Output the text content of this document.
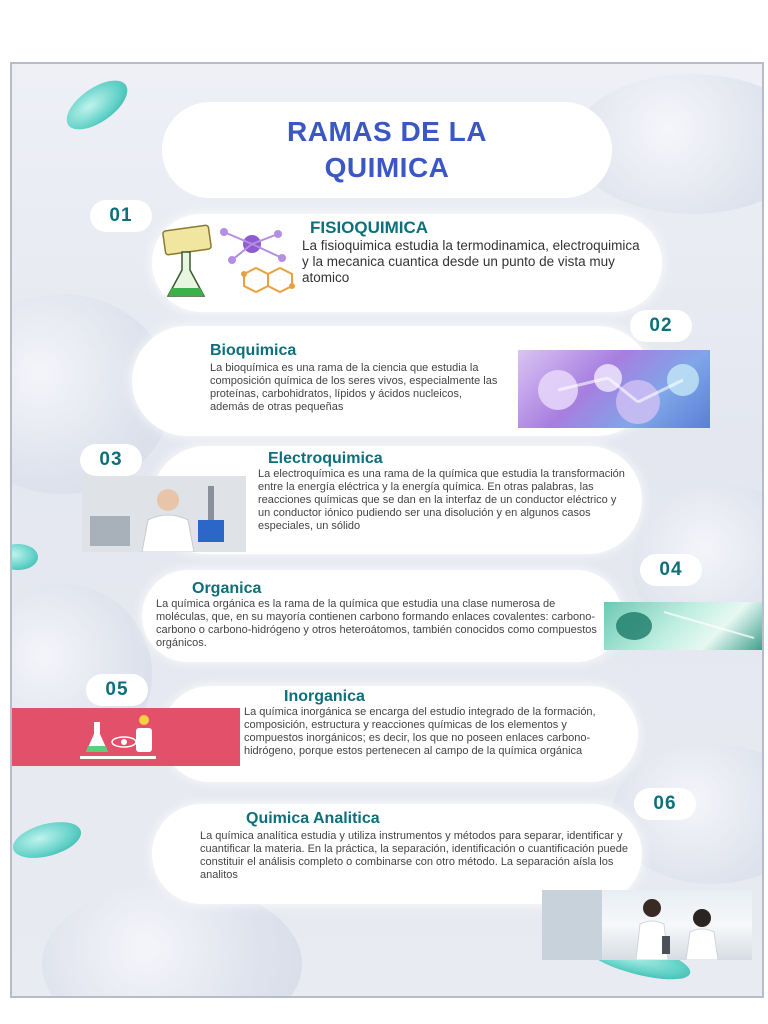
RAMAS DE LA
QUIMICA
01
FISIOQUIMICA
La fisioquimica estudia la termodinamica, electroquimica y la mecanica cuantica desde un punto de vista muy atomico
02
Bioquimica
La bioquímica es una rama de la ciencia que estudia la composición química de los seres vivos, especialmente las proteínas, carbohidratos, lípidos y ácidos nucleicos, además de otras pequeñas
03	Electroquimica
La electroquímica es una rama de la química que estudia la transformación entre la energía eléctrica y la energía química. En otras palabras, las reacciones químicas que se dan en la interfaz de un conductor eléctrico y un conductor iónico pudiendo ser una disolución y en algunos casos especiales, un sólido
04
Organica
La química orgánica es la rama de la química que estudia una clase numerosa de moléculas, que, en su mayoría contienen carbono formando enlaces covalentes: carbono-carbono o carbono-hidrógeno y otros heteroátomos, también conocidos como compuestos orgánicos.
05	Inorganica
La química inorgánica se encarga del estudio integrado de la formación, composición, estructura y reacciones químicas de los elementos y compuestos inorgánicos; es decir, los que no poseen enlaces carbono-hidrógeno, porque estos pertenecen al campo de la química orgánica
06
Quimica Analitica
La química analítica estudia y utiliza instrumentos y métodos para separar, identificar y cuantificar la materia. En la práctica, la separación, identificación o cuantificación puede constituir el análisis completo o combinarse con otro método. La separación aísla los analitos
